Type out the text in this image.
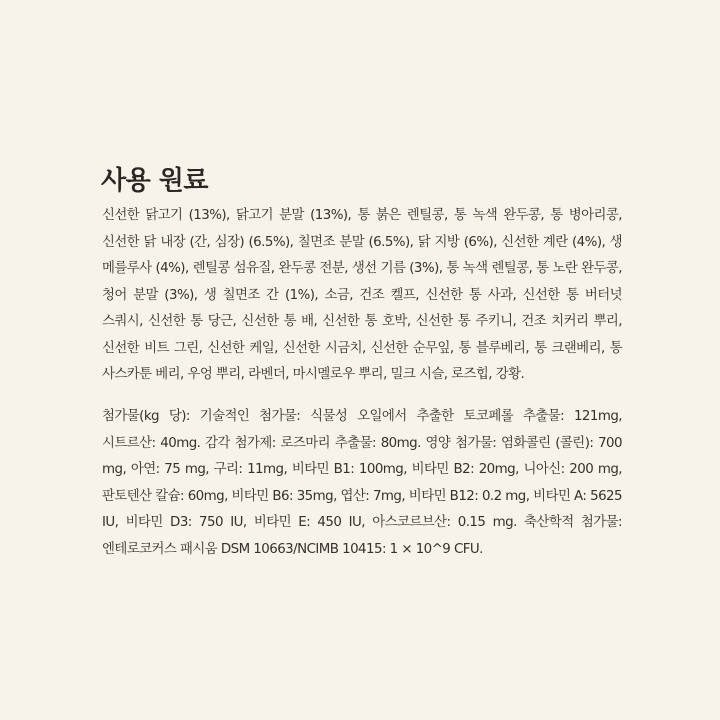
사용 원료

신선한 닭고기 (13%), 닭고기 분말 (13%), 통 붉은 렌틸콩, 통 녹색 완두콩, 통 병아리콩, 신선한 닭 내장 (간, 심장) (6.5%), 칠면조 분말 (6.5%), 닭 지방 (6%), 신선한 계란 (4%), 생 메를루사 (4%), 렌틸콩 섬유질, 완두콩 전분, 생선 기름 (3%), 통 녹색 렌틸콩, 통 노란 완두콩, 청어 분말 (3%), 생 칠면조 간 (1%), 소금, 건조 켈프, 신선한 통 사과, 신선한 통 버터넛 스쿼시, 신선한 통 당근, 신선한 통 배, 신선한 통 호박, 신선한 통 주키니, 건조 치커리 뿌리, 신선한 비트 그린, 신선한 케일, 신선한 시금치, 신선한 순무잎, 통 블루베리, 통 크랜베리, 통 사스카툰 베리, 우엉 뿌리, 라벤더, 마시멜로우 뿌리, 밀크 시슬, 로즈힙, 강황.

첨가물(kg 당): 기술적인 첨가물: 식물성 오일에서 추출한 토코페롤 추출물: 121mg, 시트르산: 40mg. 감각 첨가제: 로즈마리 추출물: 80mg. 영양 첨가물: 염화콜린 (콜린): 700 mg, 아연: 75 mg, 구리: 11mg, 비타민 B1: 100mg, 비타민 B2: 20mg, 니아신: 200 mg, 판토텐산 칼슘: 60mg, 비타민 B6: 35mg, 엽산: 7mg, 비타민 B12: 0.2 mg, 비타민 A: 5625 IU, 비타민 D3: 750 IU, 비타민 E: 450 IU, 아스코르브산: 0.15 mg. 축산학적 첨가물: 엔테로코커스 패시움 DSM 10663/NCIMB 10415: 1 × 10^9 CFU.
